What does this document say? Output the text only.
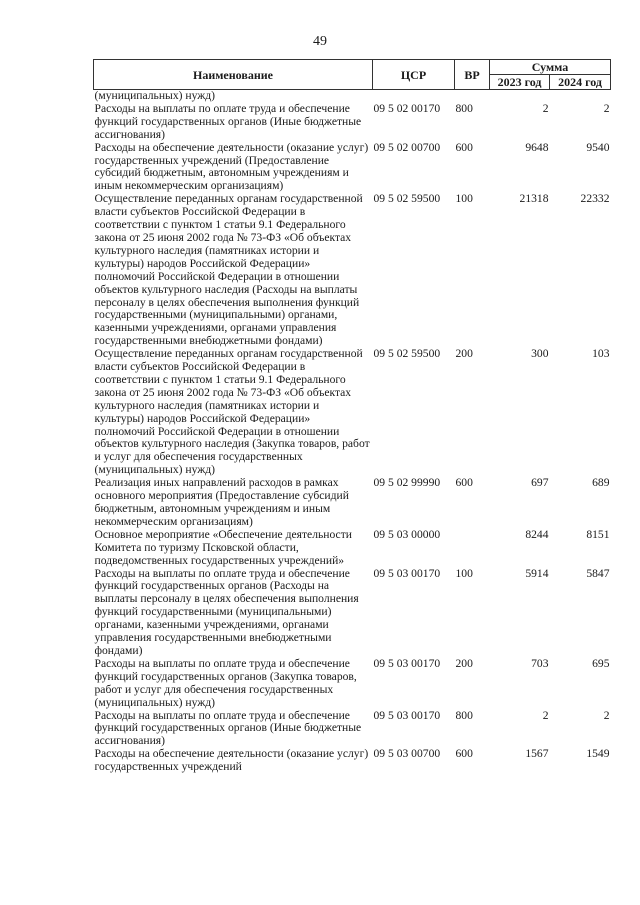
49
Наименование	ЦСР	ВР	Сумма	
			2023 год	2024 год
(муниципальных) нужд)				
Расходы на выплаты по оплате труда и обеспечение функций государственных органов (Иные бюджетные ассигнования)	09 5 02 00170	800	2	2
Расходы на обеспечение деятельности (оказание услуг) государственных учреждений (Предоставление субсидий бюджетным, автономным учреждениям и иным некоммерческим организациям)	09 5 02 00700	600	9648	9540
Осуществление переданных органам государственной власти субъектов Российской Федерации в соответствии с пунктом 1 статьи 9.1 Федерального закона от 25 июня 2002 года № 73-ФЗ «Об объектах культурного наследия (памятниках истории и культуры) народов Российской Федерации» полномочий Российской Федерации в отношении объектов культурного наследия (Расходы на выплаты персоналу в целях обеспечения выполнения функций государственными (муниципальными) органами, казенными учреждениями, органами управления государственными внебюджетными фондами)	09 5 02 59500	100	21318	22332
Осуществление переданных органам государственной власти субъектов Российской Федерации в соответствии с пунктом 1 статьи 9.1 Федерального закона от 25 июня 2002 года № 73-ФЗ «Об объектах культурного наследия (памятниках истории и культуры) народов Российской Федерации» полномочий Российской Федерации в отношении объектов культурного наследия (Закупка товаров, работ и услуг для обеспечения государственных (муниципальных) нужд)	09 5 02 59500	200	300	103
Реализация иных направлений расходов в рамках основного мероприятия (Предоставление субсидий бюджетным, автономным учреждениям и иным некоммерческим организациям)	09 5 02 99990	600	697	689
Основное мероприятие «Обеспечение деятельности Комитета по туризму Псковской области, подведомственных государственных учреждений»	09 5 03 00000		8244	8151
Расходы на выплаты по оплате труда и обеспечение функций государственных органов (Расходы на выплаты персоналу в целях обеспечения выполнения функций государственными (муниципальными) органами, казенными учреждениями, органами управления государственными внебюджетными фондами)	09 5 03 00170	100	5914	5847
Расходы на выплаты по оплате труда и обеспечение функций государственных органов (Закупка товаров, работ и услуг для обеспечения государственных (муниципальных) нужд)	09 5 03 00170	200	703	695
Расходы на выплаты по оплате труда и обеспечение функций государственных органов (Иные бюджетные ассигнования)	09 5 03 00170	800	2	2
Расходы на обеспечение деятельности (оказание услуг) государственных учреждений	09 5 03 00700	600	1567	1549
